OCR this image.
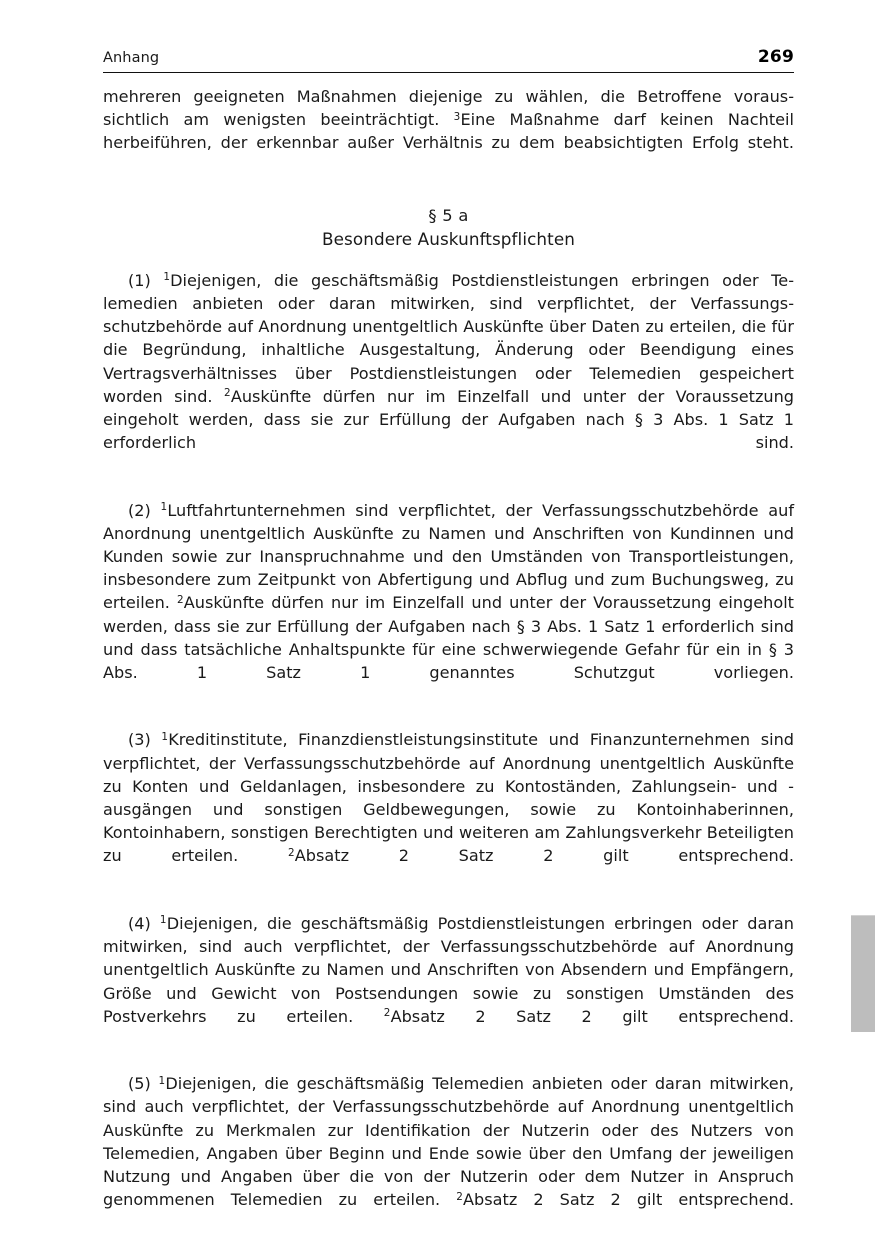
Anhang	269

mehreren geeigneten Maßnahmen diejenige zu wählen, die Betroffene voraussichtlich am wenigsten beeinträchtigt. $^3$Eine Maßnahme darf keinen Nachteil herbeiführen, der erkennbar außer Verhältnis zu dem beabsichtigten Erfolg steht.

§ 5 a
Besondere Auskunftspflichten

(1) $^1$Diejenigen, die geschäftsmäßig Postdienstleistungen erbringen oder Telemedien anbieten oder daran mitwirken, sind verpflichtet, der Verfassungsschutzbehörde auf Anordnung unentgeltlich Auskünfte über Daten zu erteilen, die für die Begründung, inhaltliche Ausgestaltung, Änderung oder Beendigung eines Vertragsverhältnisses über Postdienstleistungen oder Telemedien gespeichert worden sind. $^2$Auskünfte dürfen nur im Einzelfall und unter der Voraussetzung eingeholt werden, dass sie zur Erfüllung der Aufgaben nach § 3 Abs. 1 Satz 1 erforderlich sind.

(2) $^1$Luftfahrtunternehmen sind verpflichtet, der Verfassungsschutzbehörde auf Anordnung unentgeltlich Auskünfte zu Namen und Anschriften von Kundinnen und Kunden sowie zur Inanspruchnahme und den Umständen von Transportleistungen, insbesondere zum Zeitpunkt von Abfertigung und Abflug und zum Buchungsweg, zu erteilen. $^2$Auskünfte dürfen nur im Einzelfall und unter der Voraussetzung eingeholt werden, dass sie zur Erfüllung der Aufgaben nach § 3 Abs. 1 Satz 1 erforderlich sind und dass tatsächliche Anhaltspunkte für eine schwerwiegende Gefahr für ein in § 3 Abs. 1 Satz 1 genanntes Schutzgut vorliegen.

(3) $^1$Kreditinstitute, Finanzdienstleistungsinstitute und Finanzunternehmen sind verpflichtet, der Verfassungsschutzbehörde auf Anordnung unentgeltlich Auskünfte zu Konten und Geldanlagen, insbesondere zu Kontoständen, Zahlungsein- und -ausgängen und sonstigen Geldbewegungen, sowie zu Kontoinhaberinnen, Kontoinhabern, sonstigen Berechtigten und weiteren am Zahlungsverkehr Beteiligten zu erteilen. $^2$Absatz 2 Satz 2 gilt entsprechend.

(4) $^1$Diejenigen, die geschäftsmäßig Postdienstleistungen erbringen oder daran mitwirken, sind auch verpflichtet, der Verfassungsschutzbehörde auf Anordnung unentgeltlich Auskünfte zu Namen und Anschriften von Absendern und Empfängern, Größe und Gewicht von Postsendungen sowie zu sonstigen Umständen des Postverkehrs zu erteilen. $^2$Absatz 2 Satz 2 gilt entsprechend.

(5) $^1$Diejenigen, die geschäftsmäßig Telemedien anbieten oder daran mitwirken, sind auch verpflichtet, der Verfassungsschutzbehörde auf Anordnung unentgeltlich Auskünfte zu Merkmalen zur Identifikation der Nutzerin oder des Nutzers von Telemedien, Angaben über Beginn und Ende sowie über den Umfang der jeweiligen Nutzung und Angaben über die von der Nutzerin oder dem Nutzer in Anspruch genommenen Telemedien zu erteilen. $^2$Absatz 2 Satz 2 gilt entsprechend.
